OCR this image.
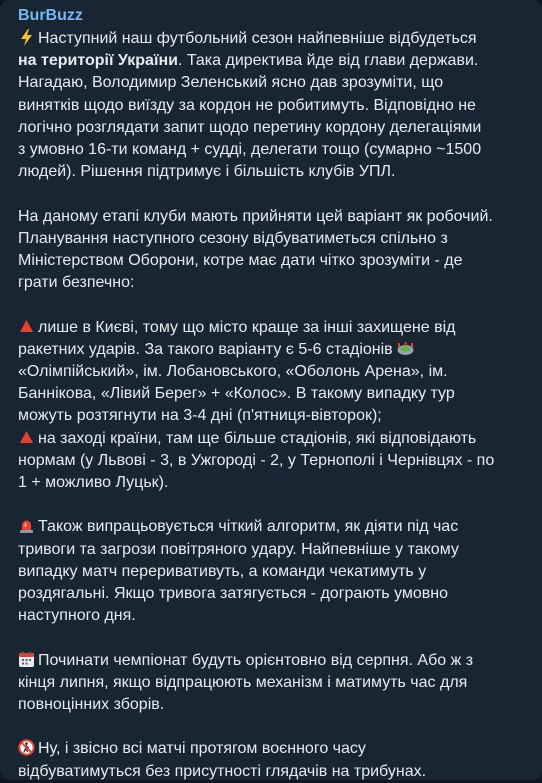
BurBuzz
Наступний наш футбольний сезон найпевніше відбудеться
на території України. Така директива йде від глави держави.
Нагадаю, Володимир Зеленський ясно дав зрозуміти, що
винятків щодо виїзду за кордон не робитимуть. Відповідно не
логічно розглядати запит щодо перетину кордону делегаціями
з умовно 16-ти команд + судді, делегати тощо (сумарно ~1500
людей). Рішення підтримує і більшість клубів УПЛ.
На даному етапі клуби мають прийняти цей варіант як робочий.
Планування наступного сезону відбуватиметься спільно з
Міністерством Оборони, котре має дати чітко зрозуміти - де
грати безпечно:
лише в Києві, тому що місто краще за інші захищене від
ракетних ударів. За такого варіанту є 5-6 стадіонів
«Олімпійський», ім. Лобановського, «Оболонь Арена», ім.
Баннікова, «Лівий Берег» + «Колос». В такому випадку тур
можуть розтягнути на 3-4 дні (п'ятниця-вівторок);
на заході країни, там ще більше стадіонів, які відповідають
нормам (у Львові - 3, в Ужгороді - 2, у Тернополі і Чернівцях - по
1 + можливо Луцьк).
Також випрацьовується чіткий алгоритм, як діяти під час
тривоги та загрози повітряного удару. Найпевніше у такому
випадку матч переривативуть, а команди чекатимуть у
роздягальні. Якщо тривога затягується - дограють умовно
наступного дня.
Починати чемпіонат будуть орієнтовно від серпня. Або ж з
кінця липня, якщо відпрацюють механізм і матимуть час для
повноцінних зборів.
Ну, і звісно всі матчі протягом воєнного часу
відбуватимуться без присутності глядачів на трибунах.
